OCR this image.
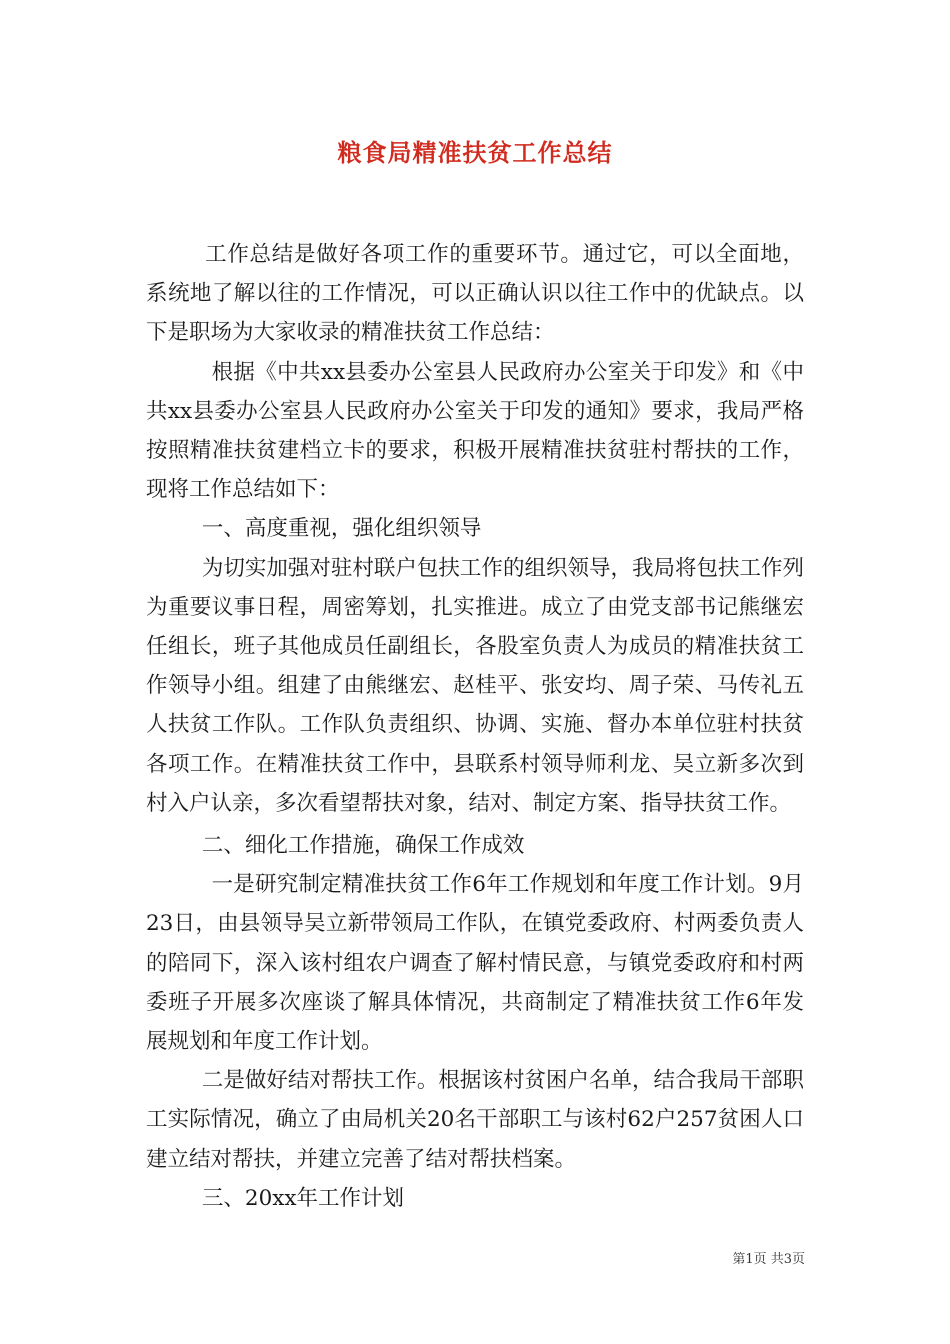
粮食局精准扶贫工作总结

工作总结是做好各项工作的重要环节。通过它，可以全面地，系统地了解以往的工作情况，可以正确认识以往工作中的优缺点。以下是职场为大家收录的精准扶贫工作总结：

根据《中共xx县委办公室县人民政府办公室关于印发》和《中共xx县委办公室县人民政府办公室关于印发的通知》要求，我局严格按照精准扶贫建档立卡的要求，积极开展精准扶贫驻村帮扶的工作，现将工作总结如下：

一、高度重视，强化组织领导

为切实加强对驻村联户包扶工作的组织领导，我局将包扶工作列为重要议事日程，周密筹划，扎实推进。成立了由党支部书记熊继宏任组长，班子其他成员任副组长，各股室负责人为成员的精准扶贫工作领导小组。组建了由熊继宏、赵桂平、张安均、周子荣、马传礼五人扶贫工作队。工作队负责组织、协调、实施、督办本单位驻村扶贫各项工作。在精准扶贫工作中，县联系村领导师利龙、吴立新多次到村入户认亲，多次看望帮扶对象，结对、制定方案、指导扶贫工作。

二、细化工作措施，确保工作成效

一是研究制定精准扶贫工作6年工作规划和年度工作计划。9月23日，由县领导吴立新带领局工作队，在镇党委政府、村两委负责人的陪同下，深入该村组农户调查了解村情民意，与镇党委政府和村两委班子开展多次座谈了解具体情况，共商制定了精准扶贫工作6年发展规划和年度工作计划。

二是做好结对帮扶工作。根据该村贫困户名单，结合我局干部职工实际情况，确立了由局机关20名干部职工与该村62户257贫困人口建立结对帮扶，并建立完善了结对帮扶档案。

三、20xx年工作计划

第1页 共3页
